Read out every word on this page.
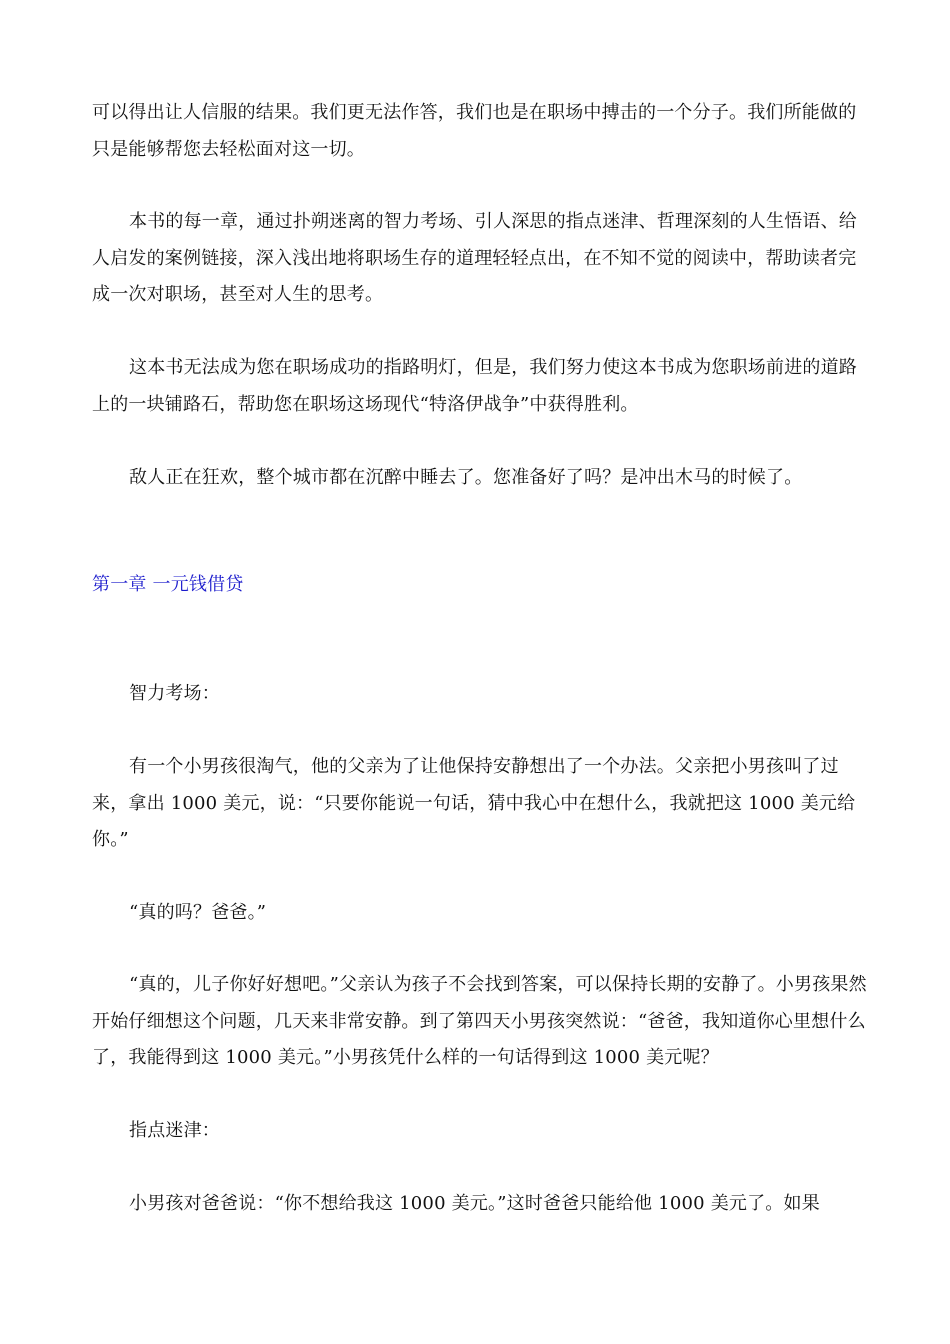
可以得出让人信服的结果。我们更无法作答，我们也是在职场中搏击的一个分子。我们所能做的只是能够帮您去轻松面对这一切。

本书的每一章，通过扑朔迷离的智力考场、引人深思的指点迷津、哲理深刻的人生悟语、给人启发的案例链接，深入浅出地将职场生存的道理轻轻点出，在不知不觉的阅读中，帮助读者完成一次对职场，甚至对人生的思考。

这本书无法成为您在职场成功的指路明灯，但是，我们努力使这本书成为您职场前进的道路上的一块铺路石，帮助您在职场这场现代“特洛伊战争”中获得胜利。

敌人正在狂欢，整个城市都在沉醉中睡去了。您准备好了吗？是冲出木马的时候了。

第一章 一元钱借贷

智力考场：

有一个小男孩很淘气，他的父亲为了让他保持安静想出了一个办法。父亲把小男孩叫了过来，拿出 1000 美元，说：“只要你能说一句话，猜中我心中在想什么，我就把这 1000 美元给你。”

“真的吗？爸爸。”

“真的，儿子你好好想吧。”父亲认为孩子不会找到答案，可以保持长期的安静了。小男孩果然开始仔细想这个问题，几天来非常安静。到了第四天小男孩突然说：“爸爸，我知道你心里想什么了，我能得到这 1000 美元。”小男孩凭什么样的一句话得到这 1000 美元呢？

指点迷津：

小男孩对爸爸说：“你不想给我这 1000 美元。”这时爸爸只能给他 1000 美元了。如果
